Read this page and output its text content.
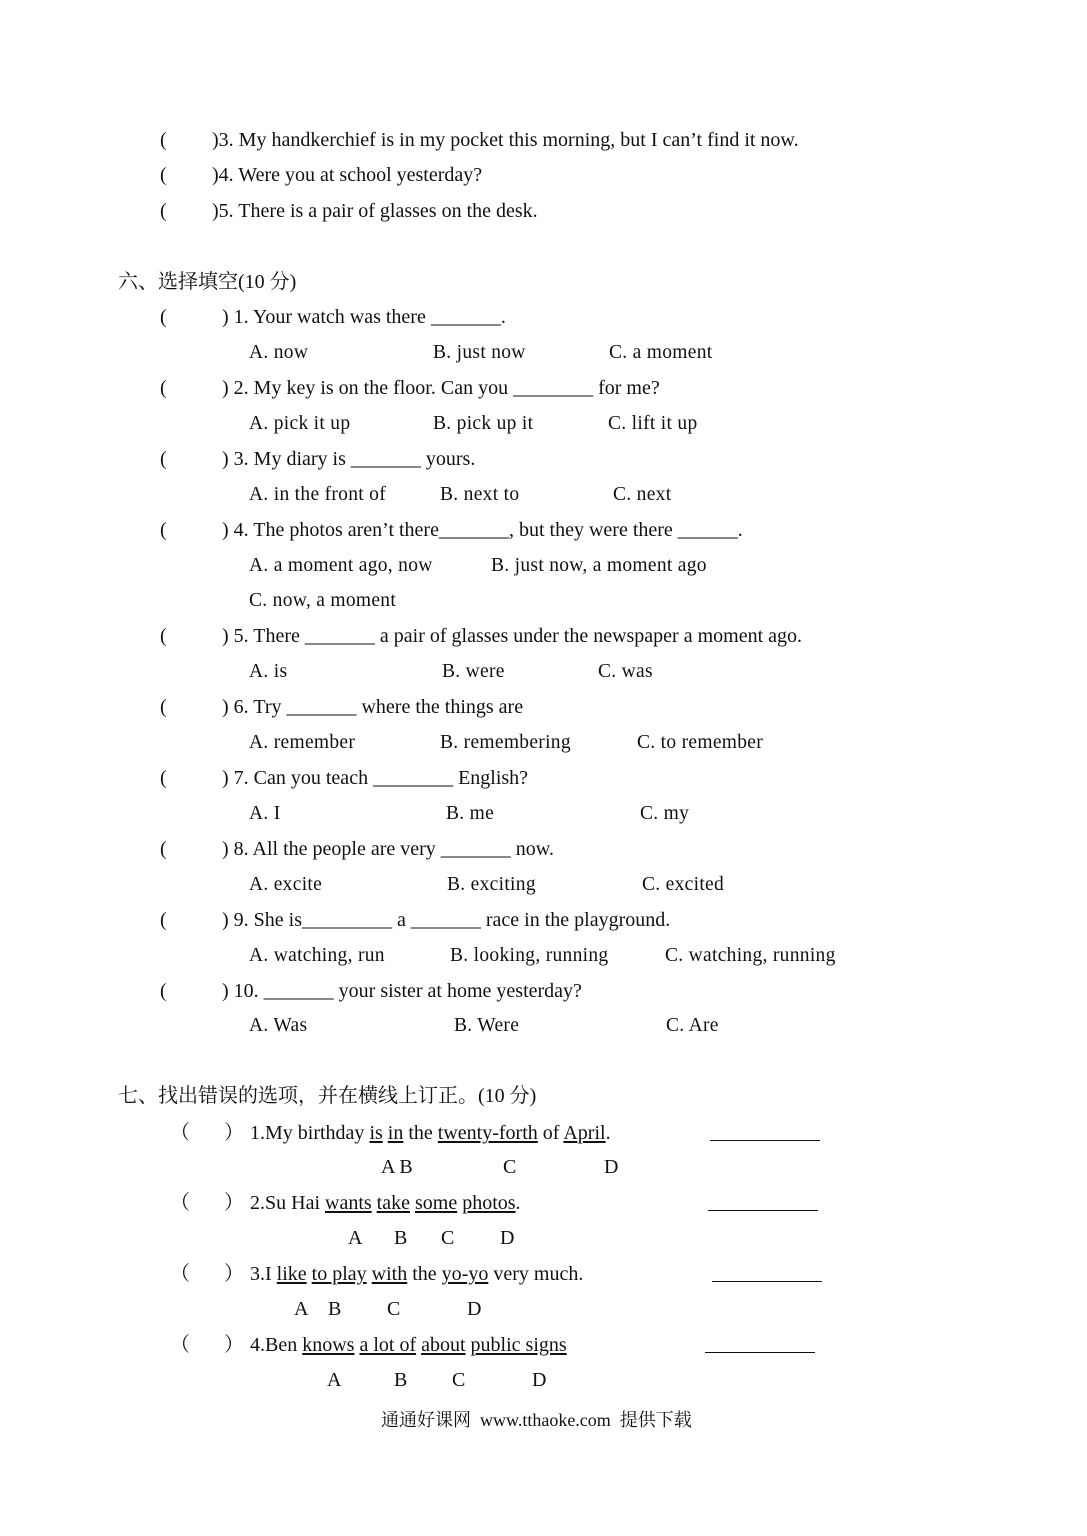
( )3. My handkerchief is in my pocket this morning, but I can’t find it now.
( )4. Were you at school yesterday?
( )5. There is a pair of glasses on the desk.
六、选择填空(10 分)
(	) 1. Your watch was there _______.
A. now	B. just now	C. a moment
(	) 2. My key is on the floor. Can you ________ for me?
A. pick it up	B. pick up it	C. lift it up
(	) 3. My diary is _______ yours.
A. in the front of	B. next to	C. next
(	) 4. The photos aren’t there_______, but they were there ______.
A. a moment ago, now	B. just now, a moment ago
C. now, a moment
(	) 5. There _______ a pair of glasses under the newspaper a moment ago.
A. is	B. were	C. was
(	) 6. Try _______ where the things are
A. remember	B. remembering	C. to remember
(	) 7. Can you teach ________ English?
A. I	B. me	C. my
(	) 8. All the people are very _______ now.
A. excite	B. exciting	C. excited
(	) 9. She is_________ a _______ race in the playground.
A. watching, run	B. looking, running	C. watching, running
(	) 10. _______ your sister at home yesterday?
A. Was	B. Were	C. Are
七、找出错误的选项，并在横线上订正。(10 分)
（ ） 1.My birthday is in the twenty-forth of April.
A B	C	D
（ ） 2.Su Hai wants take some photos.
A B C D
（ ） 3.I like to play with the yo-yo very much.
A B C	D
（ ） 4.Ben knows a lot of about public signs
A	B C	D
通通好课网  www.tthaoke.com  提供下载
